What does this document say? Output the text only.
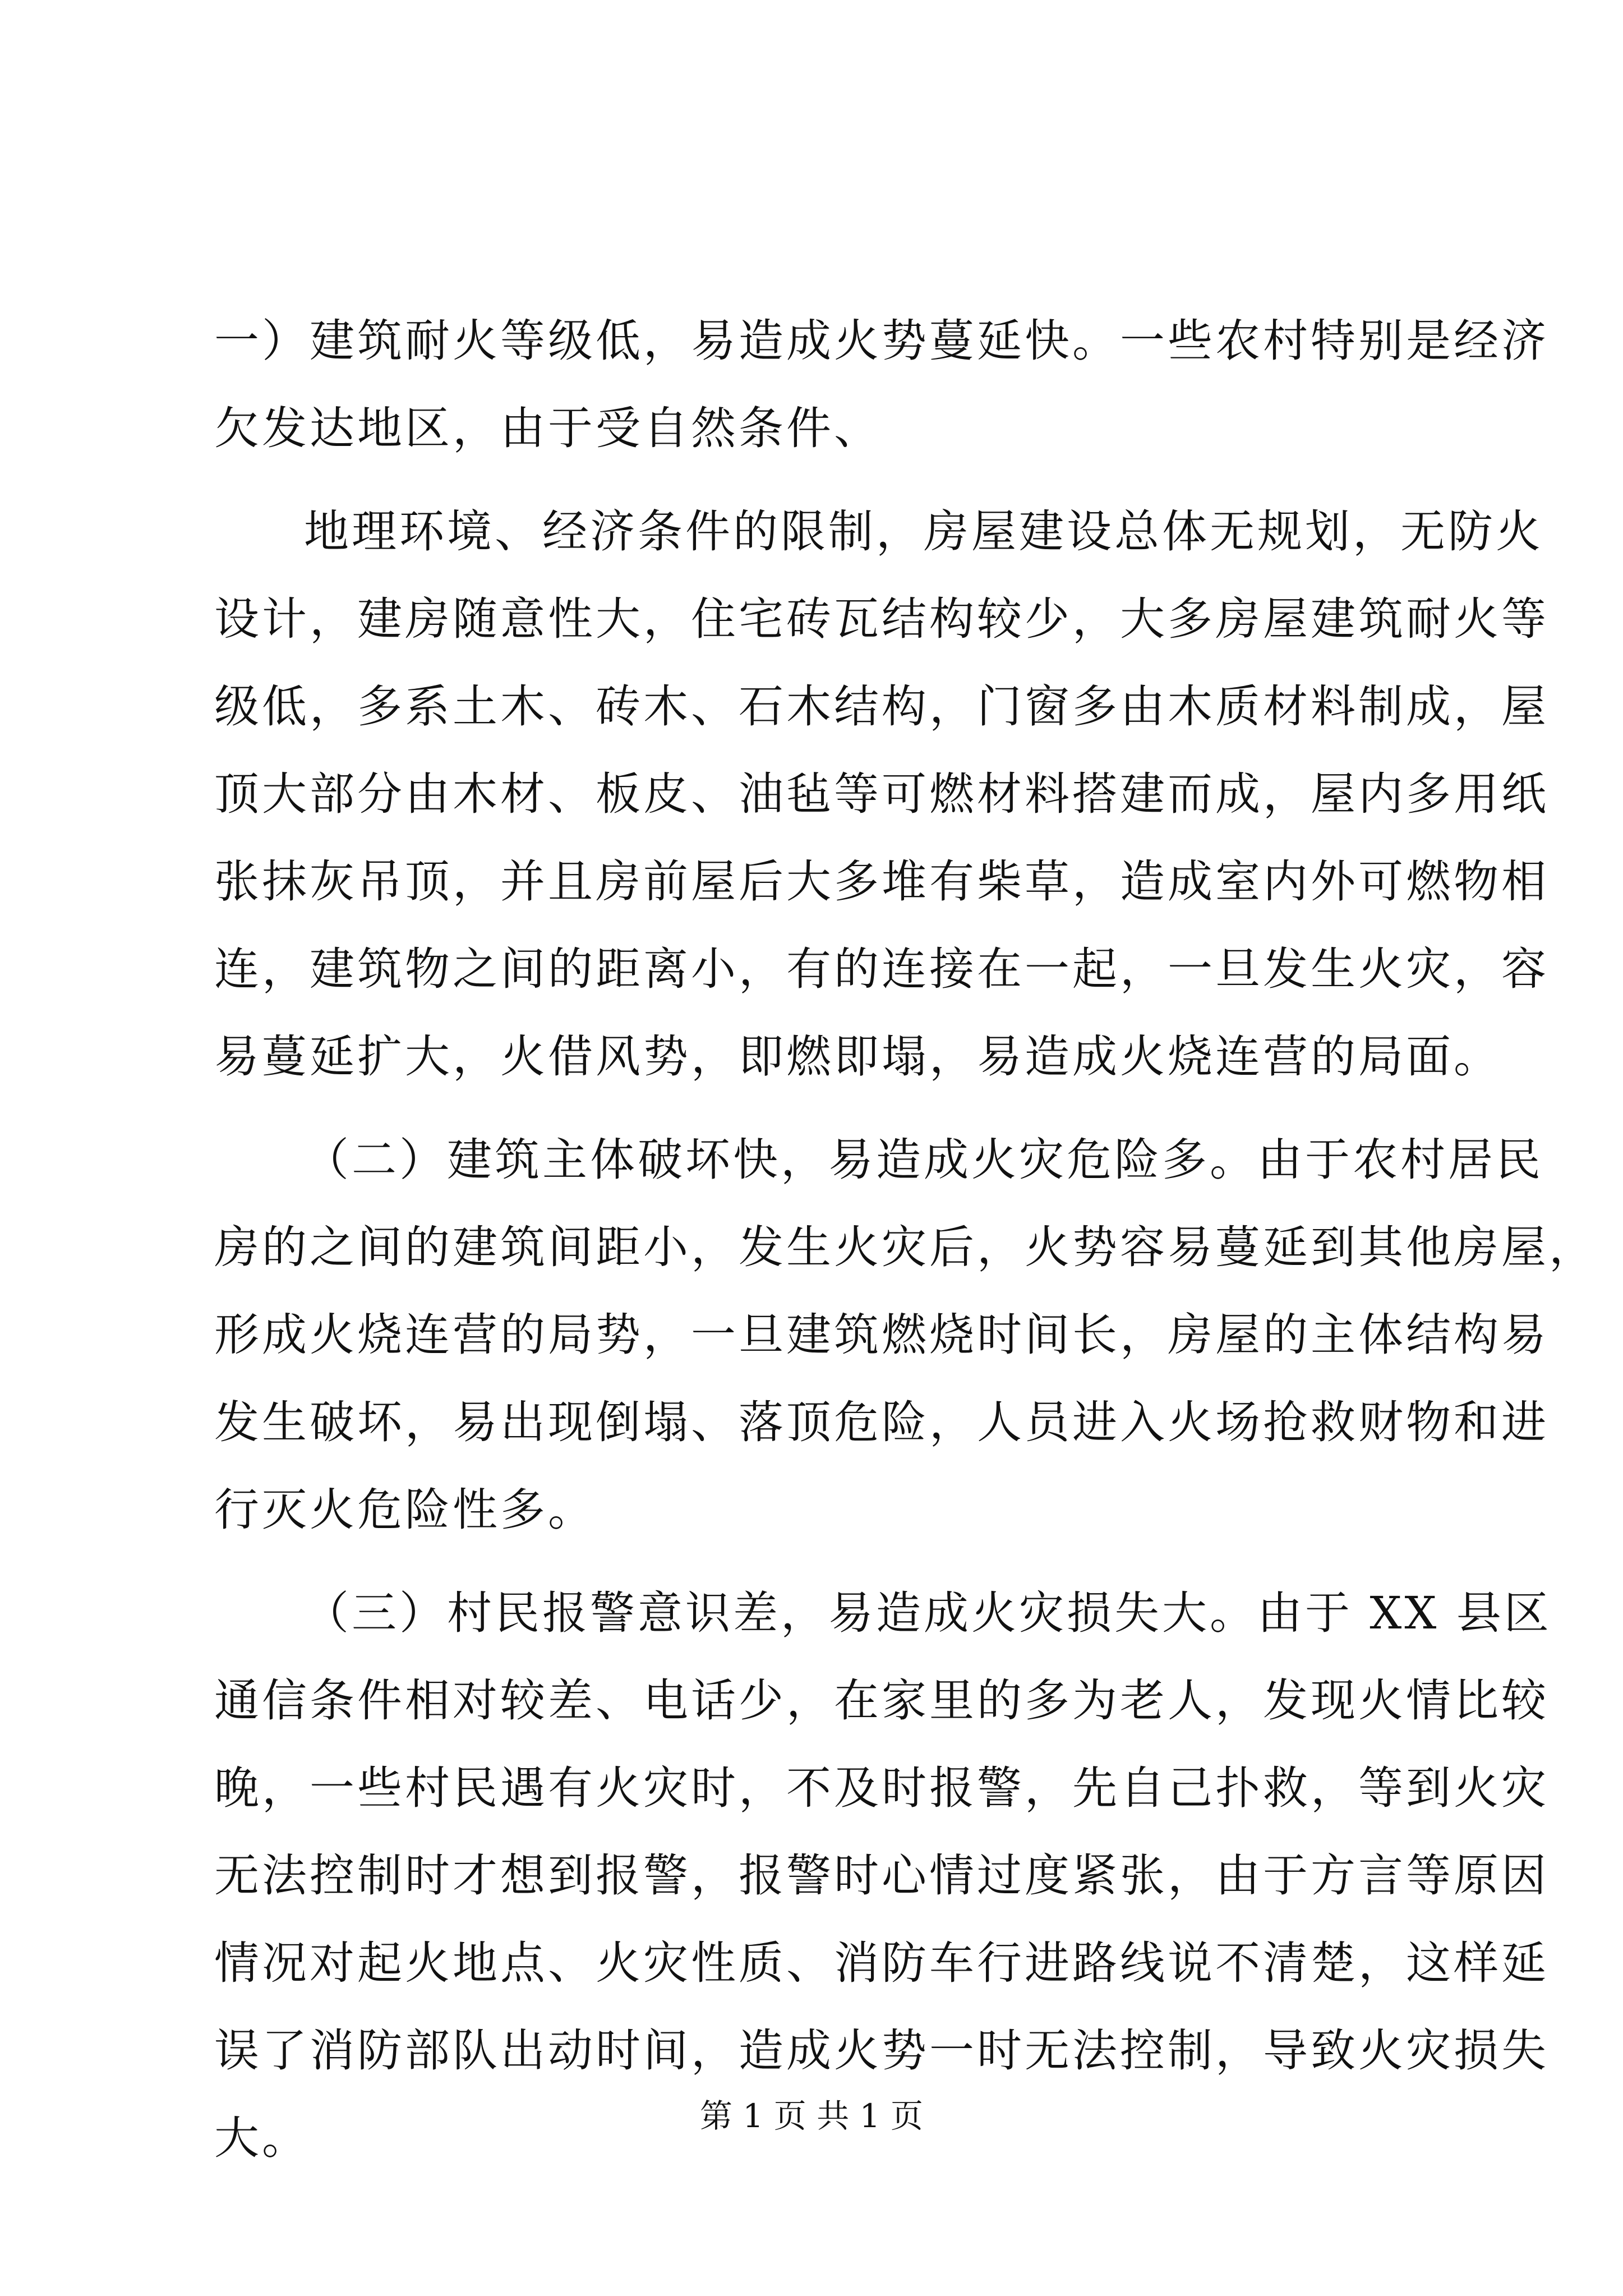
一）建筑耐火等级低，易造成火势蔓延快。一些农村特别是经济
欠发达地区，由于受自然条件、
地理环境、经济条件的限制，房屋建设总体无规划，无防火
设计，建房随意性大，住宅砖瓦结构较少，大多房屋建筑耐火等
级低，多系土木、砖木、石木结构，门窗多由木质材料制成，屋
顶大部分由木材、板皮、油毡等可燃材料搭建而成，屋内多用纸
张抹灰吊顶，并且房前屋后大多堆有柴草，造成室内外可燃物相
连，建筑物之间的距离小，有的连接在一起，一旦发生火灾，容
易蔓延扩大，火借风势，即燃即塌，易造成火烧连营的局面。
（二）建筑主体破坏快，易造成火灾危险多。由于农村居民
房的之间的建筑间距小，发生火灾后，火势容易蔓延到其他房屋，
形成火烧连营的局势，一旦建筑燃烧时间长，房屋的主体结构易
发生破坏，易出现倒塌、落顶危险，人员进入火场抢救财物和进
行灭火危险性多。
（三）村民报警意识差，易造成火灾损失大。由于 XX 县区
通信条件相对较差、电话少，在家里的多为老人，发现火情比较
晚，一些村民遇有火灾时，不及时报警，先自己扑救，等到火灾
无法控制时才想到报警，报警时心情过度紧张，由于方言等原因
情况对起火地点、火灾性质、消防车行进路线说不清楚，这样延
误了消防部队出动时间，造成火势一时无法控制，导致火灾损失
大。	第 1 页 共 1 页
